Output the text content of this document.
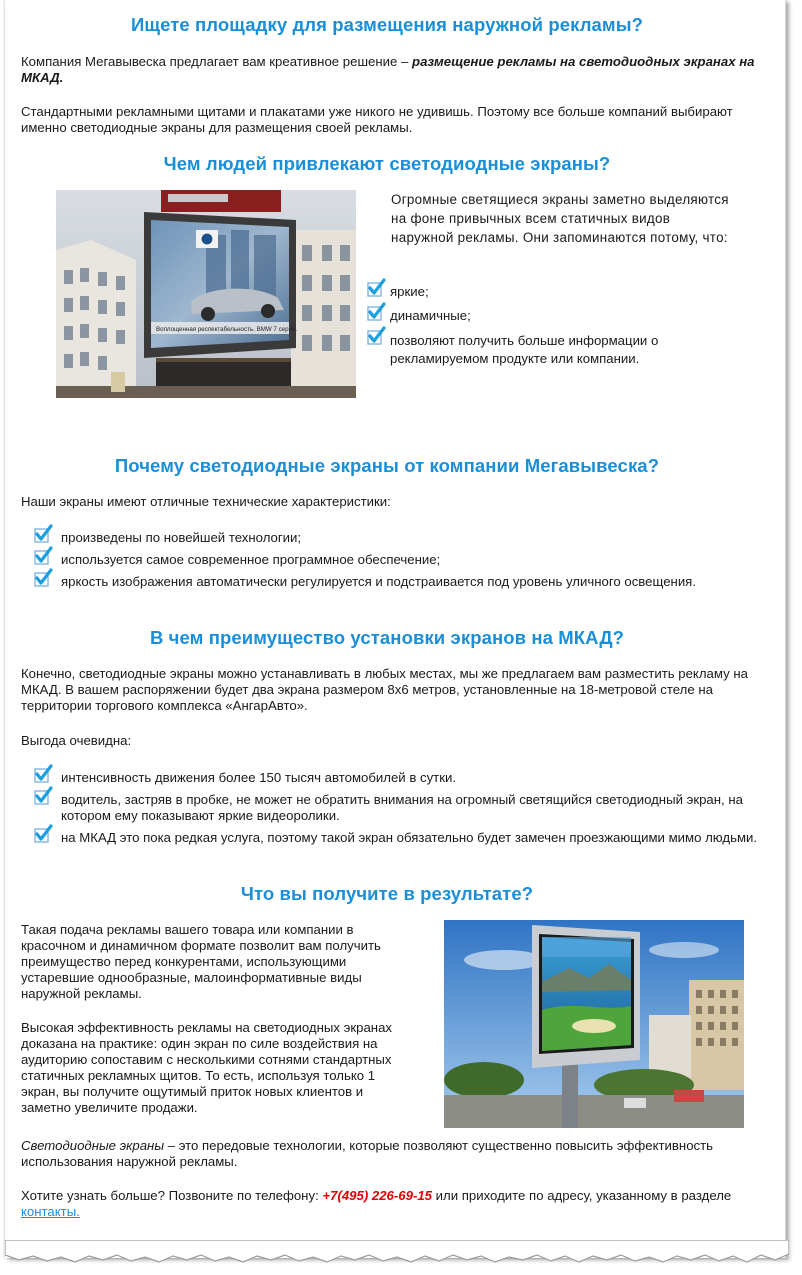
Ищете площадку для размещения наружной рекламы?

Компания Мегавывеска предлагает вам креативное решение – размещение рекламы на светодиодных экранах на МКАД.

Стандартными рекламными щитами и плакатами уже никого не удивишь. Поэтому все больше компаний выбирают именно светодиодные экраны для размещения своей рекламы.

Чем людей привлекают светодиодные экраны?
Воплощенная респектабельность. BMW 7 серии.

Огромные светящиеся экраны заметно выделяются на фоне привычных всем статичных видов наружной рекламы. Они запоминаются потому, что:

яркие;
динамичные;
позволяют получить больше информации о рекламируемом продукте или компании.
Почему светодиодные экраны от компании Мегавывеска?

Наши экраны имеют отличные технические характеристики:

произведены по новейшей технологии;
используется самое современное программное обеспечение;
яркость изображения автоматически регулируется и подстраивается под уровень уличного освещения.
В чем преимущество установки экранов на МКАД?

Конечно, светодиодные экраны можно устанавливать в любых местах, мы же предлагаем вам разместить рекламу на МКАД. В вашем распоряжении будет два экрана размером 8х6 метров, установленные на 18-метровой стеле на территории торгового комплекса «АнгарАвто».

Выгода очевидна:

интенсивность движения более 150 тысяч автомобилей в сутки.
водитель, застряв в пробке, не может не обратить внимания на огромный светящийся светодиодный экран, на котором ему показывают яркие видеоролики.
на МКАД это пока редкая услуга, поэтому такой экран обязательно будет замечен проезжающими мимо людьми.
Что вы получите в результате?

Такая подача рекламы вашего товара или компании в красочном и динамичном формате позволит вам получить преимущество перед конкурентами, использующими устаревшие однообразные, малоинформативные виды наружной рекламы.

Высокая эффективность рекламы на светодиодных экранах доказана на практике: один экран по силе воздействия на аудиторию сопоставим с несколькими сотнями стандартных статичных рекламных щитов. То есть, используя только 1 экран, вы получите ощутимый приток новых клиентов и заметно увеличите продажи.

Светодиодные экраны – это передовые технологии, которые позволяют существенно повысить эффективность использования наружной рекламы.

Хотите узнать больше? Позвоните по телефону: +7(495) 226-69-15 или приходите по адресу, указанному в разделе контакты.
